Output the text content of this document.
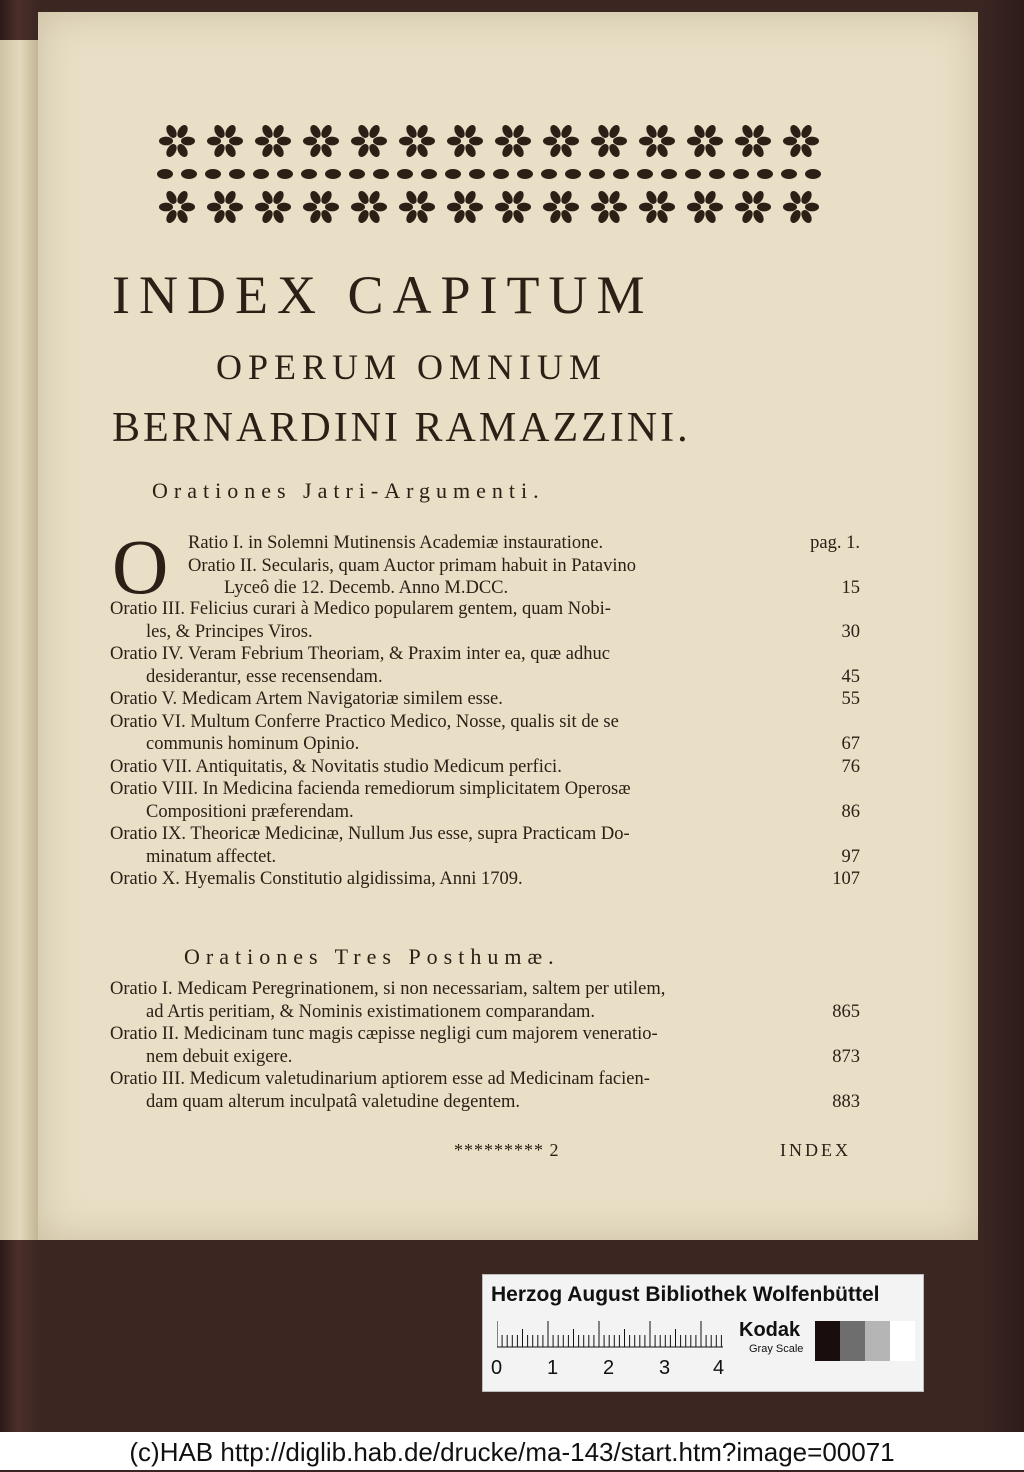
INDEX CAPITUM
OPERUM OMNIUM
BERNARDINI RAMAZZINI.
Orationes Jatri-Argumenti.
O Ratio I. in Solemni Mutinensis Academiæ instauratione.	pag. 1.
Oratio II. Secularis, quam Auctor primam habuit in Patavino
Lyceô die 12. Decemb. Anno M.DCC.	15
Oratio III. Felicius curari à Medico popularem gentem, quam Nobi-
les, & Principes Viros.	30
Oratio IV. Veram Febrium Theoriam, & Praxim inter ea, quæ adhuc
desiderantur, esse recensendam.	45
Oratio V. Medicam Artem Navigatoriæ similem esse.	55
Oratio VI. Multum Conferre Practico Medico, Nosse, qualis sit de se
communis hominum Opinio.	67
Oratio VII. Antiquitatis, & Novitatis studio Medicum perfici.	76
Oratio VIII. In Medicina facienda remediorum simplicitatem Operosæ
Compositioni præferendam.	86
Oratio IX. Theoricæ Medicinæ, Nullum Jus esse, supra Practicam Do-
minatum affectet.	97
Oratio X. Hyemalis Constitutio algidissima, Anni 1709.	107
Orationes Tres Posthumæ.
Oratio I. Medicam Peregrinationem, si non necessariam, saltem per utilem,
ad Artis peritiam, & Nominis existimationem comparandam.	865
Oratio II. Medicinam tunc magis cæpisse negligi cum majorem veneratio-
nem debuit exigere.	873
Oratio III. Medicum valetudinarium aptiorem esse ad Medicinam facien-
dam quam alterum inculpatâ valetudine degentem.	883
********* 2	INDEX
Herzog August Bibliothek Wolfenbüttel
0 1 2 3 4
Kodak
Gray Scale
(c)HAB http://diglib.hab.de/drucke/ma-143/start.htm?image=00071
